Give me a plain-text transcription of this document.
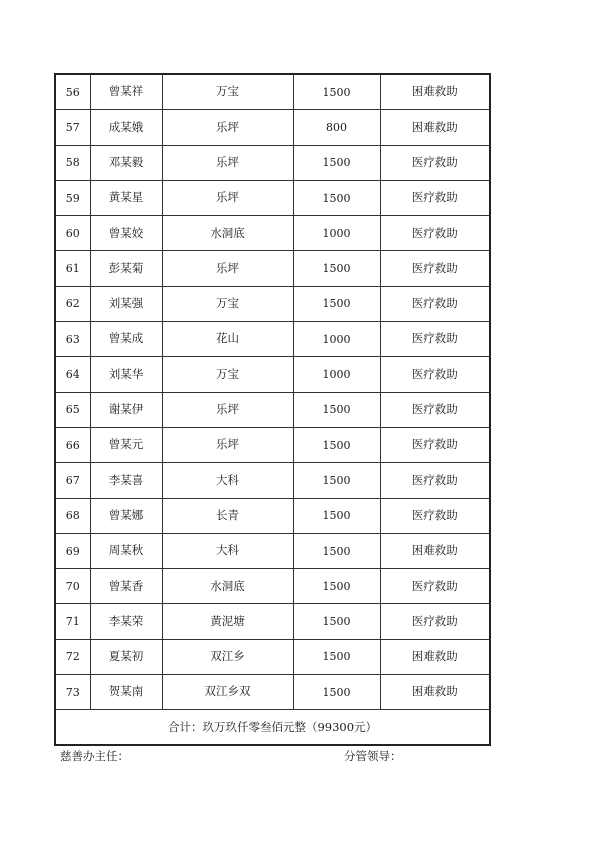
56	曾某祥	万宝	1500	困难救助
57	成某娥	乐坪	800	困难救助
58	邓某毅	乐坪	1500	医疗救助
59	黄某星	乐坪	1500	医疗救助
60	曾某姣	水洞底	1000	医疗救助
61	彭某菊	乐坪	1500	医疗救助
62	刘某强	万宝	1500	医疗救助
63	曾某成	花山	1000	医疗救助
64	刘某华	万宝	1000	医疗救助
65	谢某伊	乐坪	1500	医疗救助
66	曾某元	乐坪	1500	医疗救助
67	李某喜	大科	1500	医疗救助
68	曾某娜	长青	1500	医疗救助
69	周某秋	大科	1500	困难救助
70	曾某香	水洞底	1500	医疗救助
71	李某荣	黄泥塘	1500	医疗救助
72	夏某初	双江乡	1500	困难救助
73	贺某南	双江乡双	1500	困难救助
合计：玖万玖仟零叁佰元整（99300元）				
慈善办主任：	分管领导：
